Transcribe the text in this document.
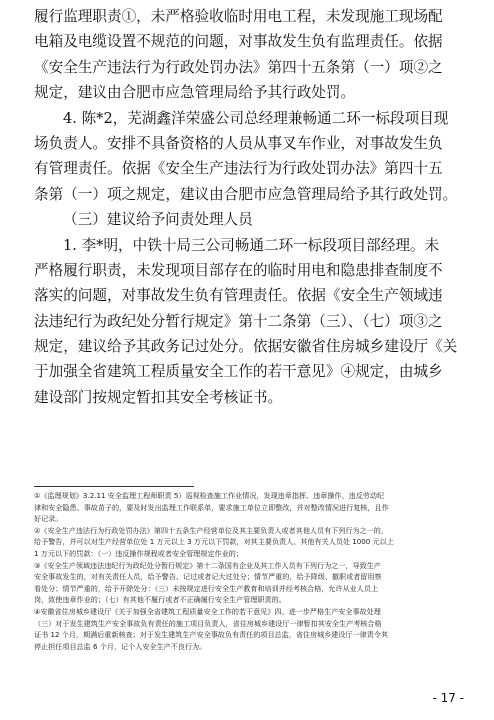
履行监理职责①，未严格验收临时用电工程，未发现施工现场配
电箱及电缆设置不规范的问题，对事故发生负有监理责任。依据
《安全生产违法行为行政处罚办法》第四十五条第（一）项②之
规定，建议由合肥市应急管理局给予其行政处罚。
4. 陈*2，芜湖鑫洋荣盛公司总经理兼畅通二环一标段项目现
场负责人。安排不具备资格的人员从事叉车作业，对事故发生负
有管理责任。依据《安全生产违法行为行政处罚办法》第四十五
条第（一）项之规定，建议由合肥市应急管理局给予其行政处罚。
（三）建议给予问责处理人员
1. 李*明，中铁十局三公司畅通二环一标段项目部经理。未
严格履行职责，未发现项目部存在的临时用电和隐患排查制度不
落实的问题，对事故发生负有管理责任。依据《安全生产领域违
法违纪行为政纪处分暂行规定》第十二条第（三）、（七）项③之
规定，建议给予其政务记过处分。依据安徽省住房城乡建设厅《关
于加强全省建筑工程质量安全工作的若干意见》④规定，由城乡
建设部门按规定暂扣其安全考核证书。
①《监理规划》3.2.11 安全监理工程师职责 5）巡视检查施工作业情况，发现违章指挥、违章操作、违反劳动纪
律和安全隐患、事故苗子的，要及时发出监理工作联系单，要求施工单位立即整改，并对整改情况进行复核，且作
好记录。
②《安全生产违法行为行政处罚办法》第四十五条生产经营单位及其主要负责人或者其他人员有下列行为之一的，
给予警告，并可以对生产经营单位处 1 万元以上 3 万元以下罚款，对其主要负责人、其他有关人员处 1000 元以上
1 万元以下的罚款：（一）违反操作规程或者安全管理规定作业的；
③《安全生产领域违法违纪行为政纪处分暂行规定》第十二条国有企业及其工作人员有下列行为之一，导致生产
安全事故发生的，对有关责任人员，给予警告、记过或者记大过处分；情节严重的，给予降级、撤职或者留用察
看处分；情节严重的，给予开除处分：（三）未按规定进行安全生产教育和培训并经考核合格，允许从业人员上
岗，致使违章作业的；（七）有其他不履行或者不正确履行安全生产管理职责的。
④安徽省住房城乡建设厅《关于加强全省建筑工程质量安全工作的若干意见》四、进一步严格生产安全事故处理
（三）对于发生建筑生产安全事故负有责任的施工项目负责人，省住房城乡建设厅一律暂扣其安全生产考核合格
证书 12 个月，期满后重新核查；对于发生建筑生产安全事故负有责任的项目总监，省住房城乡建设厅一律责令其
停止担任项目总监 6 个月，记个人安全生产不良行为。
- 17 -
